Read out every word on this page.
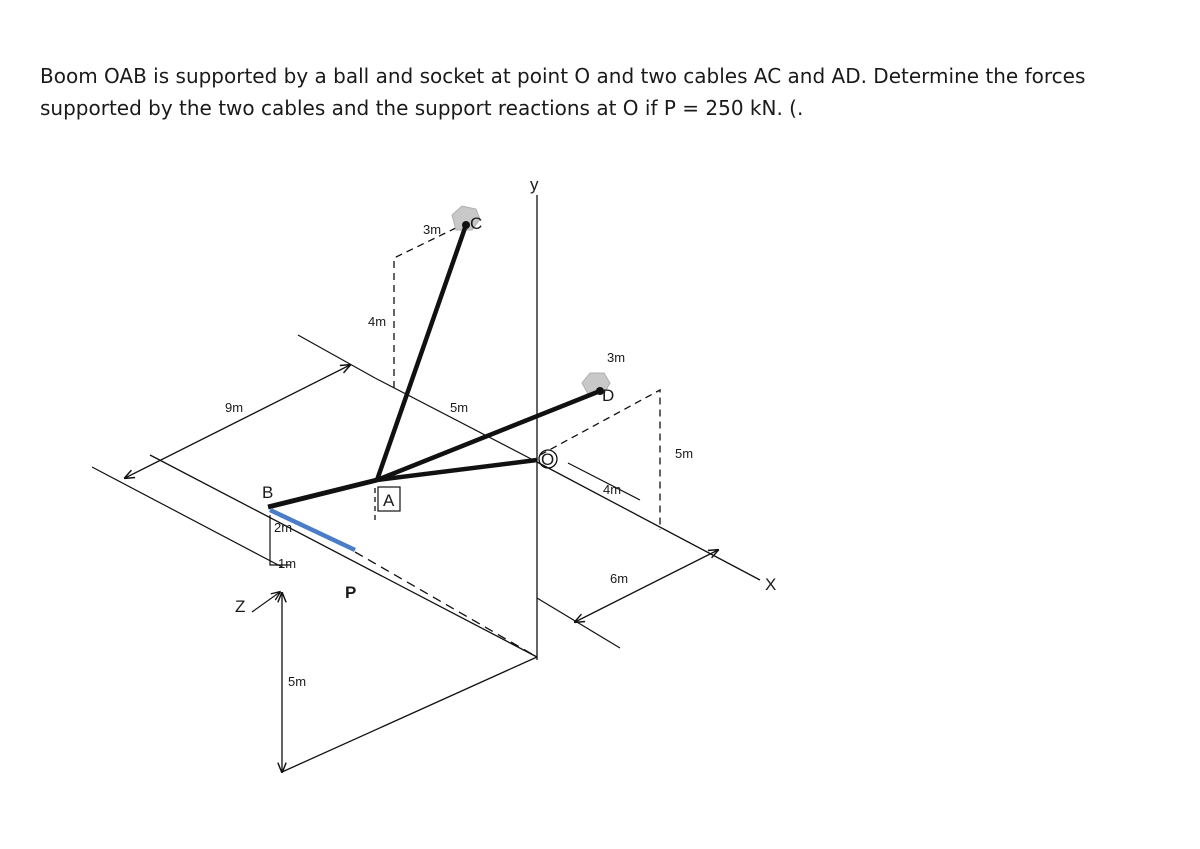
Boom OAB is supported by a ball and socket at point O and two cables AC and AD. Determine the forces

supported by the two cables and the support reactions at O if P = 250 kN. (.

C
D
O
A
B
P
y
X
Z
9m
3m
4m
5m
3m
5m
4m
6m
2m
1m
5m
